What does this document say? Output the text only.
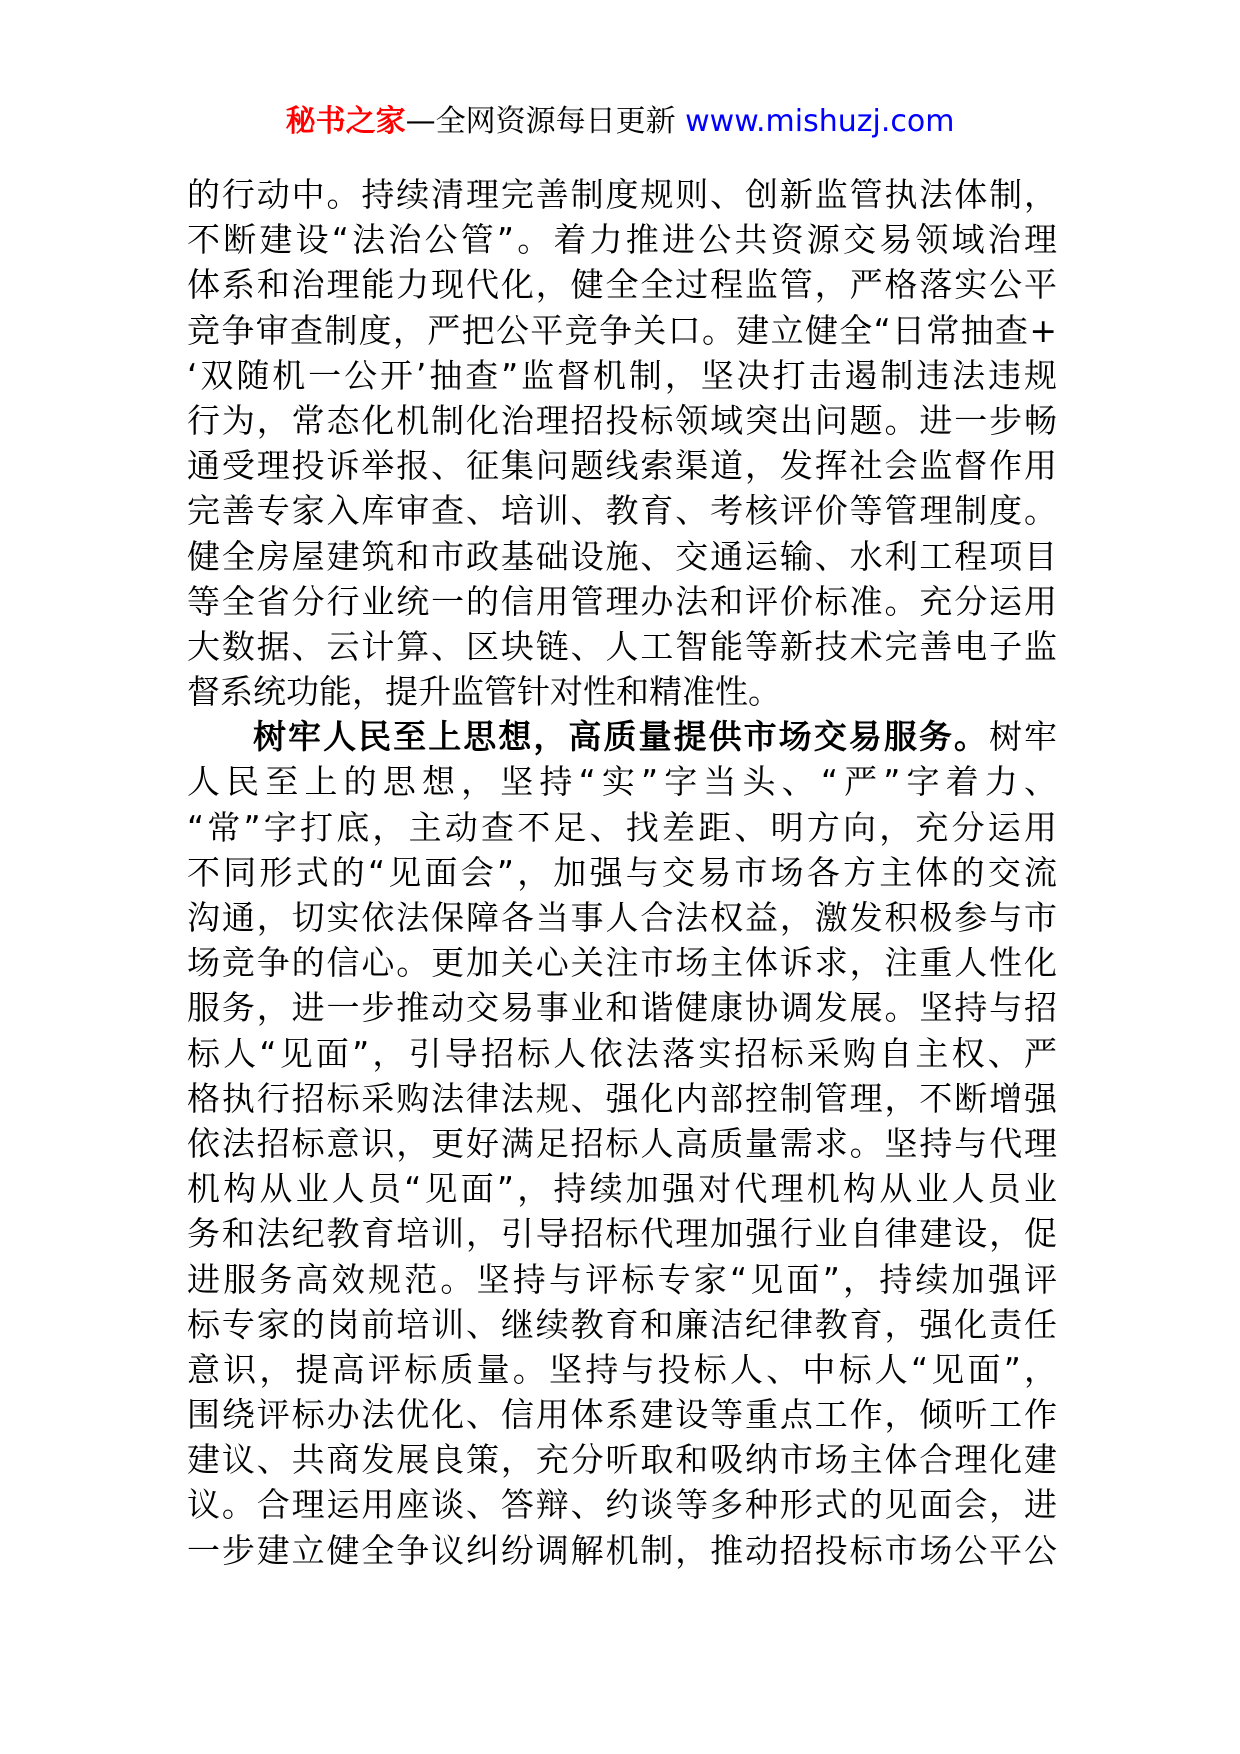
秘书之家—全网资源每日更新 www.mishuzj.com
的行动中。持续清理完善制度规则、创新监管执法体制，
不断建设“法治公管”。着力推进公共资源交易领域治理
体系和治理能力现代化，健全全过程监管，严格落实公平
竞争审查制度，严把公平竞争关口。建立健全“日常抽查+
‘双随机一公开’抽查”监督机制，坚决打击遏制违法违规
行为，常态化机制化治理招投标领域突出问题。进一步畅
通受理投诉举报、征集问题线索渠道，发挥社会监督作用
完善专家入库审查、培训、教育、考核评价等管理制度。
健全房屋建筑和市政基础设施、交通运输、水利工程项目
等全省分行业统一的信用管理办法和评价标准。充分运用
大数据、云计算、区块链、人工智能等新技术完善电子监
督系统功能，提升监管针对性和精准性。
树牢人民至上思想，高质量提供市场交易服务。树牢
人民至上的思想，坚持“实”字当头、“严”字着力、
“常”字打底，主动查不足、找差距、明方向，充分运用
不同形式的“见面会”，加强与交易市场各方主体的交流
沟通，切实依法保障各当事人合法权益，激发积极参与市
场竞争的信心。更加关心关注市场主体诉求，注重人性化
服务，进一步推动交易事业和谐健康协调发展。坚持与招
标人“见面”，引导招标人依法落实招标采购自主权、严
格执行招标采购法律法规、强化内部控制管理，不断增强
依法招标意识，更好满足招标人高质量需求。坚持与代理
机构从业人员“见面”，持续加强对代理机构从业人员业
务和法纪教育培训，引导招标代理加强行业自律建设，促
进服务高效规范。坚持与评标专家“见面”，持续加强评
标专家的岗前培训、继续教育和廉洁纪律教育，强化责任
意识，提高评标质量。坚持与投标人、中标人“见面”，
围绕评标办法优化、信用体系建设等重点工作，倾听工作
建议、共商发展良策，充分听取和吸纳市场主体合理化建
议。合理运用座谈、答辩、约谈等多种形式的见面会，进
一步建立健全争议纠纷调解机制，推动招投标市场公平公
